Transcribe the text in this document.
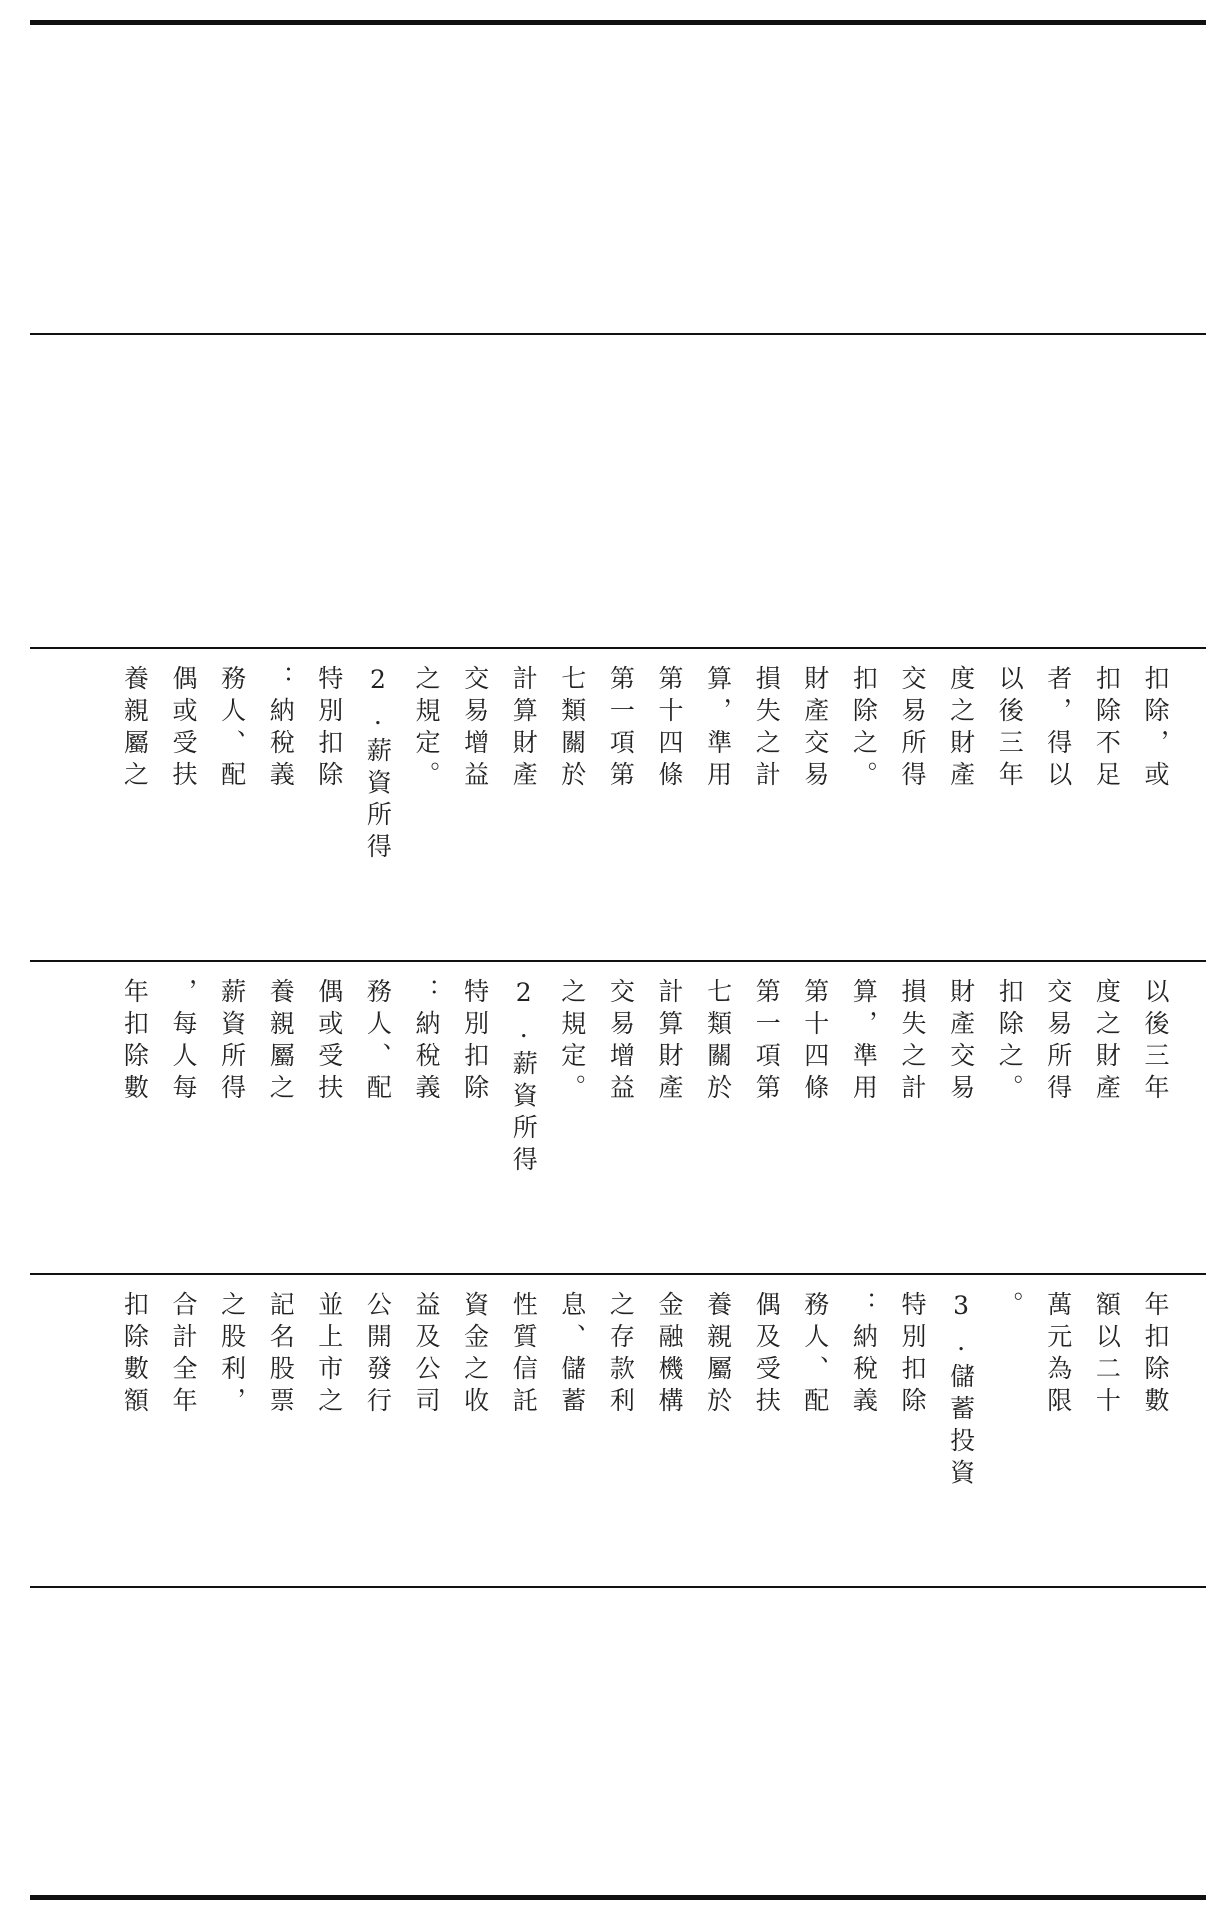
扣除，或
扣除不足
者，得以
以後三年
度之財產
交易所得
扣除之。
財產交易
損失之計
算，準用
第十四條
第一項第
七類關於
計算財產
交易增益
之規定。
2.薪資所得
特別扣除
：納稅義
務人、配
偶或受扶
養親屬之
以後三年
度之財產
交易所得
扣除之。
財產交易
損失之計
算，準用
第十四條
第一項第
七類關於
計算財產
交易增益
之規定。
2.薪資所得
特別扣除
：納稅義
務人、配
偶或受扶
養親屬之
薪資所得
，每人每
年扣除數
年扣除數
額以二十
萬元為限
。
3.儲蓄投資
特別扣除
：納稅義
務人、配
偶及受扶
養親屬於
金融機構
之存款利
息、儲蓄
性質信託
資金之收
益及公司
公開發行
並上市之
記名股票
之股利，
合計全年
扣除數額
